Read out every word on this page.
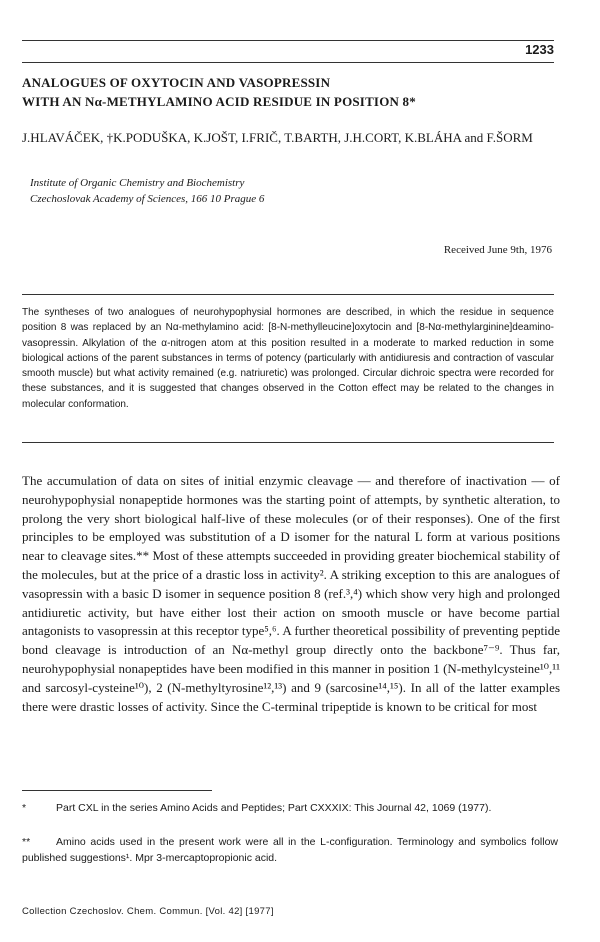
1233
ANALOGUES OF OXYTOCIN AND VASOPRESSIN
WITH AN Nα-METHYLAMINO ACID RESIDUE IN POSITION 8*
J.HLAVÁČEK, †K.PODUŠKA, K.JOŠT, I.FRIČ, T.BARTH, J.H.CORT, K.BLÁHA and F.ŠORM
Institute of Organic Chemistry and Biochemistry
Czechoslovak Academy of Sciences, 166 10 Prague 6
Received June 9th, 1976
The syntheses of two analogues of neurohypophysial hormones are described, in which the residue in sequence position 8 was replaced by an Nα-methylamino acid: [8-N-methylleucine]oxytocin and [8-Nα-methylarginine]deamino-vasopressin. Alkylation of the α-nitrogen atom at this position resulted in a moderate to marked reduction in some biological actions of the parent substances in terms of potency (particularly with antidiuresis and contraction of vascular smooth muscle) but what activity remained (e.g. natriuretic) was prolonged. Circular dichroic spectra were recorded for these substances, and it is suggested that changes observed in the Cotton effect may be related to the changes in molecular conformation.
The accumulation of data on sites of initial enzymic cleavage — and therefore of inactivation — of neurohypophysial nonapeptide hormones was the starting point of attempts, by synthetic alteration, to prolong the very short biological half-live of these molecules (or of their responses). One of the first principles to be employed was substitution of a D isomer for the natural L form at various positions near to cleavage sites.** Most of these attempts succeeded in providing greater biochemical stability of the molecules, but at the price of a drastic loss in activity². A striking exception to this are analogues of vasopressin with a basic D isomer in sequence position 8 (ref.³,⁴) which show very high and prolonged antidiuretic activity, but have either lost their action on smooth muscle or have become partial antagonists to vasopressin at this receptor type⁵,⁶. A further theoretical possibility of preventing peptide bond cleavage is introduction of an Nα-methyl group directly onto the backbone⁷⁻⁹. Thus far, neurohypophysial nonapeptides have been modified in this manner in position 1 (N-methylcysteine¹⁰,¹¹ and sarcosyl-cysteine¹⁰), 2 (N-methyltyrosine¹²,¹³) and 9 (sarcosine¹⁴,¹⁵). In all of the latter examples there were drastic losses of activity. Since the C-terminal tripeptide is known to be critical for most
*	Part CXL in the series Amino Acids and Peptides; Part CXXXIX: This Journal 42, 1069 (1977).
** Amino acids used in the present work were all in the L-configuration. Terminology and symbolics follow published suggestions¹. Mpr 3-mercaptopropionic acid.
Collection Czechoslov. Chem. Commun. [Vol. 42] [1977]
